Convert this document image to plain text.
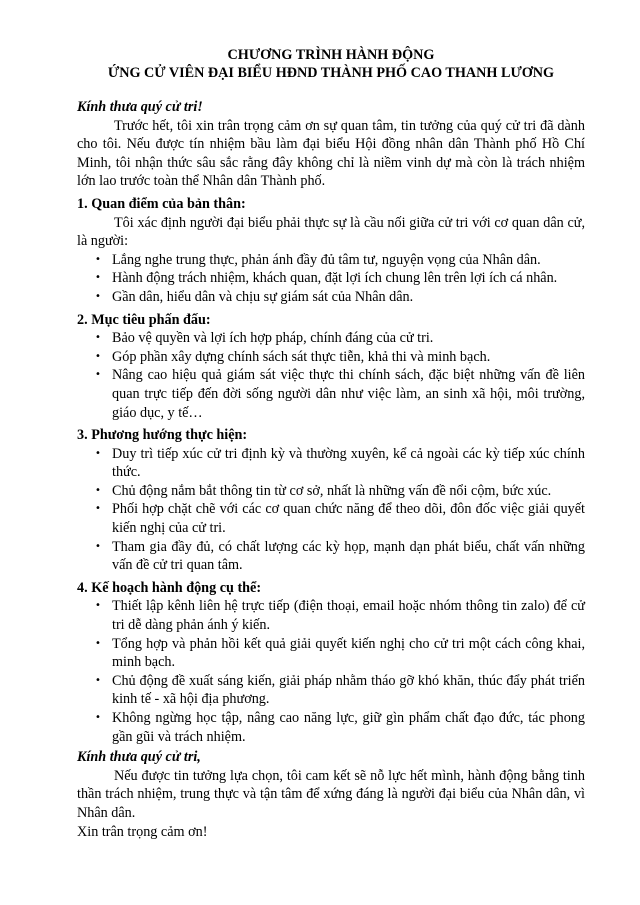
CHƯƠNG TRÌNH HÀNH ĐỘNG

ỨNG CỬ VIÊN ĐẠI BIỂU HĐND THÀNH PHỐ CAO THANH LƯƠNG

Kính thưa quý cử tri!

Trước hết, tôi xin trân trọng cảm ơn sự quan tâm, tin tưởng của quý cử tri đã dành cho tôi. Nếu được tín nhiệm bầu làm đại biểu Hội đồng nhân dân Thành phố Hồ Chí Minh, tôi nhận thức sâu sắc rằng đây không chỉ là niềm vinh dự mà còn là trách nhiệm lớn lao trước toàn thể Nhân dân Thành phố.

1. Quan điểm của bản thân:

Tôi xác định người đại biểu phải thực sự là cầu nối giữa cử tri với cơ quan dân cử, là người:

• Lắng nghe trung thực, phản ánh đầy đủ tâm tư, nguyện vọng của Nhân dân.
• Hành động trách nhiệm, khách quan, đặt lợi ích chung lên trên lợi ích cá nhân.
• Gần dân, hiểu dân và chịu sự giám sát của Nhân dân.

2. Mục tiêu phấn đấu:

• Bảo vệ quyền và lợi ích hợp pháp, chính đáng của cử tri.
• Góp phần xây dựng chính sách sát thực tiễn, khả thi và minh bạch.
• Nâng cao hiệu quả giám sát việc thực thi chính sách, đặc biệt những vấn đề liên quan trực tiếp đến đời sống người dân như việc làm, an sinh xã hội, môi trường, giáo dục, y tế…

3. Phương hướng thực hiện:

• Duy trì tiếp xúc cử tri định kỳ và thường xuyên, kể cả ngoài các kỳ tiếp xúc chính thức.
• Chủ động nắm bắt thông tin từ cơ sở, nhất là những vấn đề nổi cộm, bức xúc.
• Phối hợp chặt chẽ với các cơ quan chức năng để theo dõi, đôn đốc việc giải quyết kiến nghị của cử tri.
• Tham gia đầy đủ, có chất lượng các kỳ họp, mạnh dạn phát biểu, chất vấn những vấn đề cử tri quan tâm.

4. Kế hoạch hành động cụ thể:

• Thiết lập kênh liên hệ trực tiếp (điện thoại, email hoặc nhóm thông tin zalo) để cử tri dễ dàng phản ánh ý kiến.
• Tổng hợp và phản hồi kết quả giải quyết kiến nghị cho cử tri một cách công khai, minh bạch.
• Chủ động đề xuất sáng kiến, giải pháp nhằm tháo gỡ khó khăn, thúc đẩy phát triển kinh tế - xã hội địa phương.
• Không ngừng học tập, nâng cao năng lực, giữ gìn phẩm chất đạo đức, tác phong gần gũi và trách nhiệm.

Kính thưa quý cử tri,

Nếu được tin tưởng lựa chọn, tôi cam kết sẽ nỗ lực hết mình, hành động bằng tinh thần trách nhiệm, trung thực và tận tâm để xứng đáng là người đại biểu của Nhân dân, vì Nhân dân.

Xin trân trọng cảm ơn!
